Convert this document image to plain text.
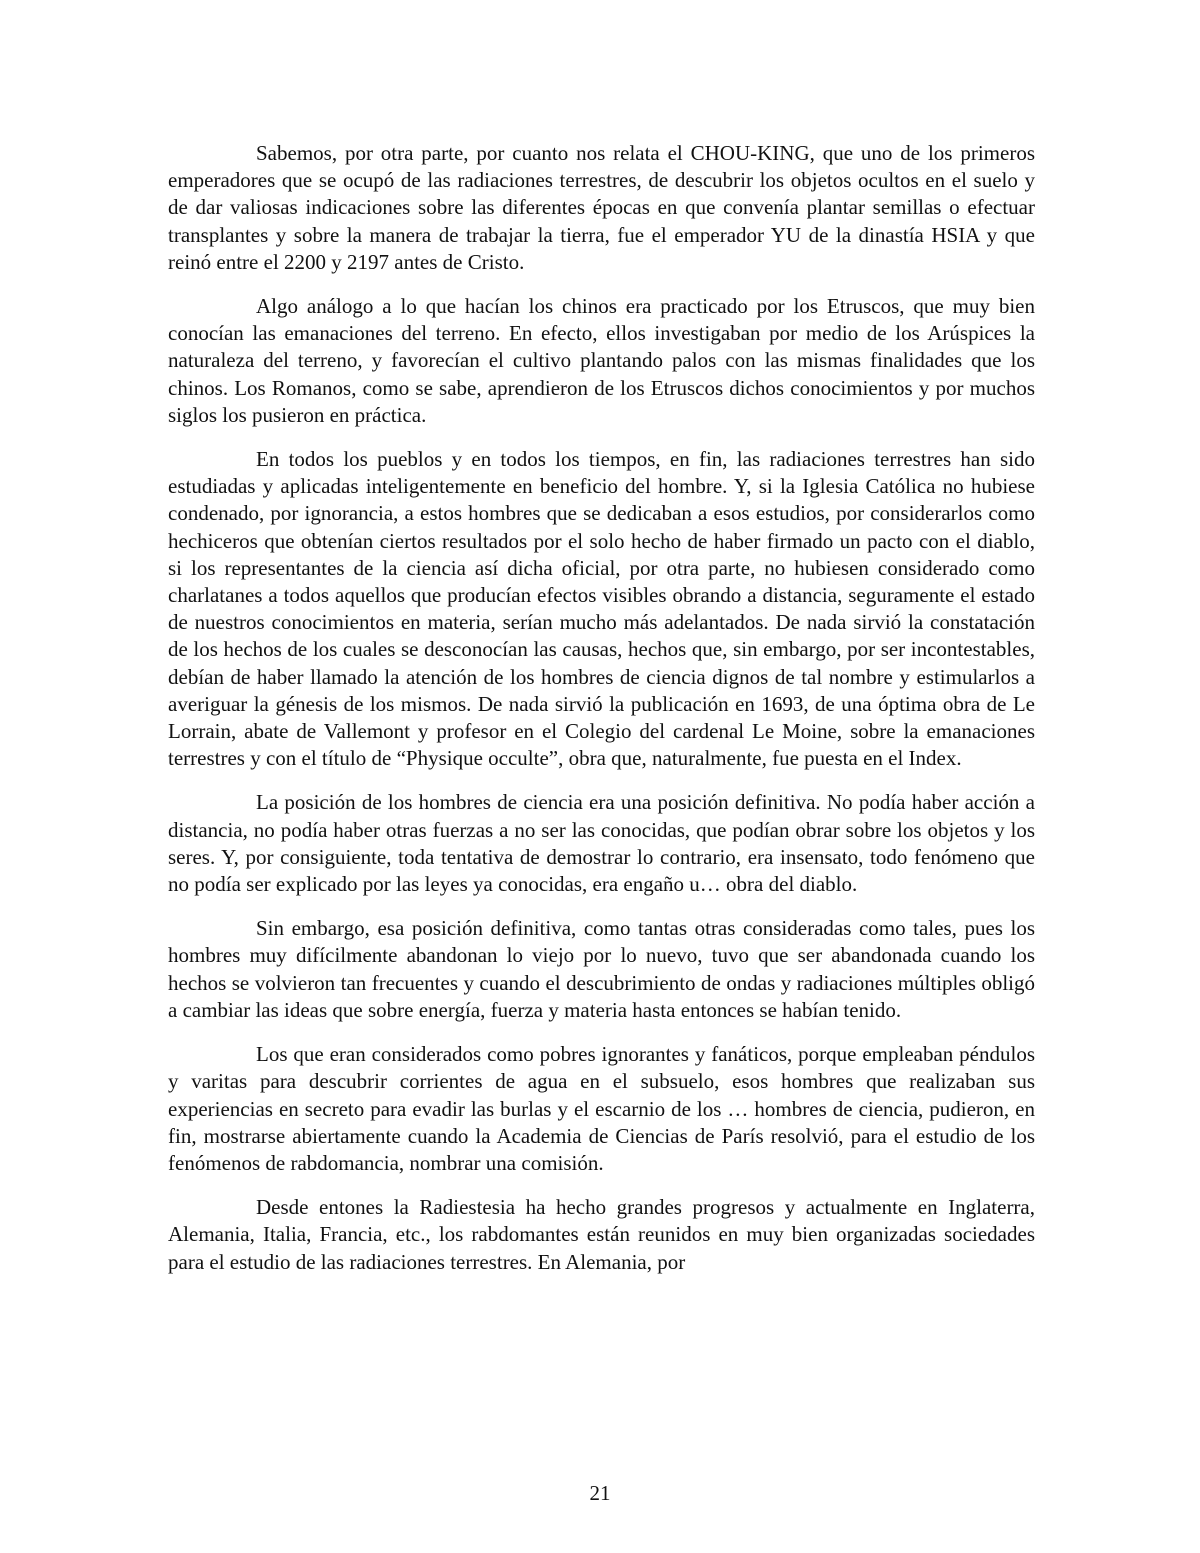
Sabemos, por otra parte, por cuanto nos relata el CHOU-KING, que uno de los primeros emperadores que se ocupó de las radiaciones terrestres, de descubrir los objetos ocultos en el suelo y de dar valiosas indicaciones sobre las diferentes épocas en que convenía plantar semillas o efectuar transplantes y sobre la manera de trabajar la tierra, fue el emperador YU de la dinastía HSIA y que reinó entre el 2200 y 2197 antes de Cristo.

Algo análogo a lo que hacían los chinos era practicado por los Etruscos, que muy bien conocían las emanaciones del terreno. En efecto, ellos investigaban por medio de los Arúspices la naturaleza del terreno, y favorecían el cultivo plantando palos con las mismas finalidades que los chinos. Los Romanos, como se sabe, aprendieron de los Etruscos dichos conocimientos y por muchos siglos los pusieron en práctica.

En todos los pueblos y en todos los tiempos, en fin, las radiaciones terrestres han sido estudiadas y aplicadas inteligentemente en beneficio del hombre. Y, si la Iglesia Católica no hubiese condenado, por ignorancia, a estos hombres que se dedicaban a esos estudios, por considerarlos como hechiceros que obtenían ciertos resultados por el solo hecho de haber firmado un pacto con el diablo, si los representantes de la ciencia así dicha oficial, por otra parte, no hubiesen considerado como charlatanes a todos aquellos que producían efectos visibles obrando a distancia, seguramente el estado de nuestros conocimientos en materia, serían mucho más adelantados. De nada sirvió la constatación de los hechos de los cuales se desconocían las causas, hechos que, sin embargo, por ser incontestables, debían de haber llamado la atención de los hombres de ciencia dignos de tal nombre y estimularlos a averiguar la génesis de los mismos. De nada sirvió la publicación en 1693, de una óptima obra de Le Lorrain, abate de Vallemont y profesor en el Colegio del cardenal Le Moine, sobre la emanaciones terrestres y con el título de “Physique occulte”, obra que, naturalmente, fue puesta en el Index.

La posición de los hombres de ciencia era una posición definitiva. No podía haber acción a distancia, no podía haber otras fuerzas a no ser las conocidas, que podían obrar sobre los objetos y los seres. Y, por consiguiente, toda tentativa de demostrar lo contrario, era insensato, todo fenómeno que no podía ser explicado por las leyes ya conocidas, era engaño u… obra del diablo.

Sin embargo, esa posición definitiva, como tantas otras consideradas como tales, pues los hombres muy difícilmente abandonan lo viejo por lo nuevo, tuvo que ser abandonada cuando los hechos se volvieron tan frecuentes y cuando el descubrimiento de ondas y radiaciones múltiples obligó a cambiar las ideas que sobre energía, fuerza y materia hasta entonces se habían tenido.

Los que eran considerados como pobres ignorantes y fanáticos, porque empleaban péndulos y varitas para descubrir corrientes de agua en el subsuelo, esos hombres que realizaban sus experiencias en secreto para evadir las burlas y el escarnio de los … hombres de ciencia, pudieron, en fin, mostrarse abiertamente cuando la Academia de Ciencias de París resolvió, para el estudio de los fenómenos de rabdomancia, nombrar una comisión.

Desde entones la Radiestesia ha hecho grandes progresos y actualmente en Inglaterra, Alemania, Italia, Francia, etc., los rabdomantes están reunidos en muy bien organizadas sociedades para el estudio de las radiaciones terrestres. En Alemania, por

21
